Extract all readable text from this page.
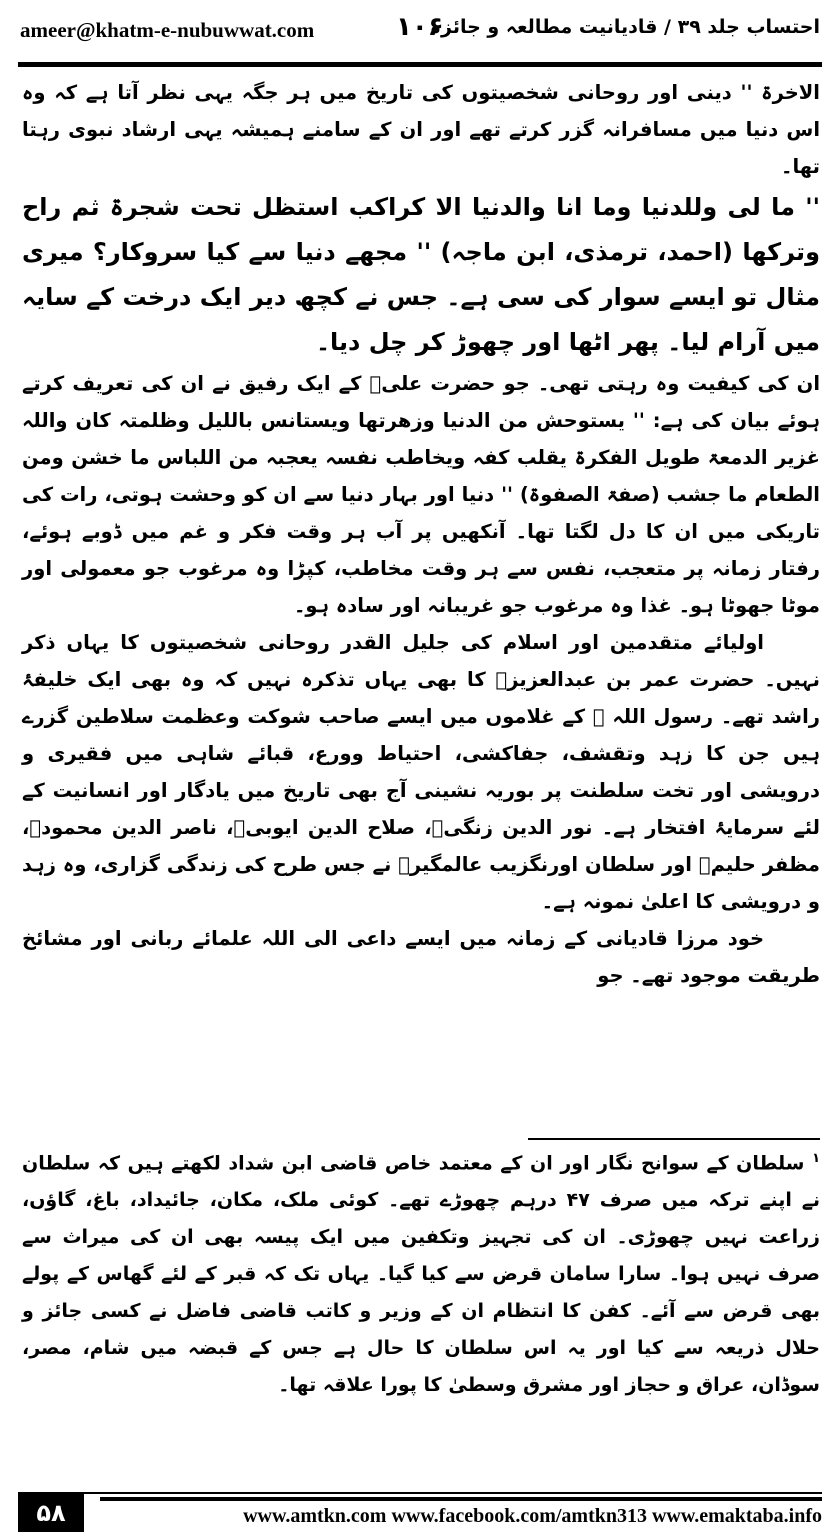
ameer@khatm-e-nubuwwat.com	۱۰۶
احتساب جلد ۳۹ / قادیانیت مطالعہ و جائزہ

الاخرۃ '' دینی اور روحانی شخصیتوں کی تاریخ میں ہر جگہ یہی نظر آتا ہے کہ وہ اس دنیا میں مسافرانہ گزر کرتے تھے اور ان کے سامنے ہمیشہ یہی ارشاد نبوی رہتا تھا۔

'' ما لی وللدنیا وما انا والدنیا الا کراکب استظل تحت شجرۃ ثم راح وترکھا (احمد، ترمذی، ابن ماجہ) '' مجھے دنیا سے کیا سروکار؟ میری مثال تو ایسے سوار کی سی ہے۔ جس نے کچھ دیر ایک درخت کے سایہ میں آرام لیا۔ پھر اٹھا اور چھوڑ کر چل دیا۔

ان کی کیفیت وہ رہتی تھی۔ جو حضرت علیؓ کے ایک رفیق نے ان کی تعریف کرتے ہوئے بیان کی ہے: '' یستوحش من الدنیا وزھرتھا ویستانس باللیل وظلمتہ کان واللہ غزیر الدمعۃ طویل الفکرۃ یقلب کفہ ویخاطب نفسہ یعجبہ من اللباس ما خشن ومن الطعام ما جشب (صفۃ الصفوۃ) '' دنیا اور بہار دنیا سے ان کو وحشت ہوتی، رات کی تاریکی میں ان کا دل لگتا تھا۔ آنکھیں پر آب ہر وقت فکر و غم میں ڈوبے ہوئے، رفتار زمانہ پر متعجب، نفس سے ہر وقت مخاطب، کپڑا وہ مرغوب جو معمولی اور موٹا جھوٹا ہو۔ غذا وہ مرغوب جو غریبانہ اور سادہ ہو۔

اولیائے متقدمین اور اسلام کی جلیل القدر روحانی شخصیتوں کا یہاں ذکر نہیں۔ حضرت عمر بن عبدالعزیزؒ کا بھی یہاں تذکرہ نہیں کہ وہ بھی ایک خلیفۂ راشد تھے۔ رسول اللہ ﷺ کے غلاموں میں ایسے صاحب شوکت وعظمت سلاطین گزرے ہیں جن کا زہد وتقشف، جفاکشی، احتیاط وورع، قبائے شاہی میں فقیری و درویشی اور تخت سلطنت پر بوریہ نشینی آج بھی تاریخ میں یادگار اور انسانیت کے لئے سرمایۂ افتخار ہے۔ نور الدین زنگیؒ، صلاح الدین ایوبیؒ، ناصر الدین محمودؒ، مظفر حلیمؒ اور سلطان اورنگزیب عالمگیرؒ نے جس طرح کی زندگی گزاری، وہ زہد و درویشی کا اعلیٰ نمونہ ہے۔

خود مرزا قادیانی کے زمانہ میں ایسے داعی الی اللہ علمائے ربانی اور مشائخ طریقت موجود تھے۔ جو

$^۱$ سلطان کے سوانح نگار اور ان کے معتمد خاص قاضی ابن شداد لکھتے ہیں کہ سلطان نے اپنے ترکہ میں صرف ۴۷ درہم چھوڑے تھے۔ کوئی ملک، مکان، جائیداد، باغ، گاؤں، زراعت نہیں چھوڑی۔ ان کی تجہیز وتکفین میں ایک پیسہ بھی ان کی میراث سے صرف نہیں ہوا۔ سارا سامان قرض سے کیا گیا۔ یہاں تک کہ قبر کے لئے گھاس کے پولے بھی قرض سے آئے۔ کفن کا انتظام ان کے وزیر و کاتب قاضی فاضل نے کسی جائز و حلال ذریعہ سے کیا اور یہ اس سلطان کا حال ہے جس کے قبضہ میں شام، مصر، سوڈان، عراق و حجاز اور مشرق وسطیٰ کا پورا علاقہ تھا۔

۵۸	www.amtkn.com www.facebook.com/amtkn313 www.emaktaba.info
